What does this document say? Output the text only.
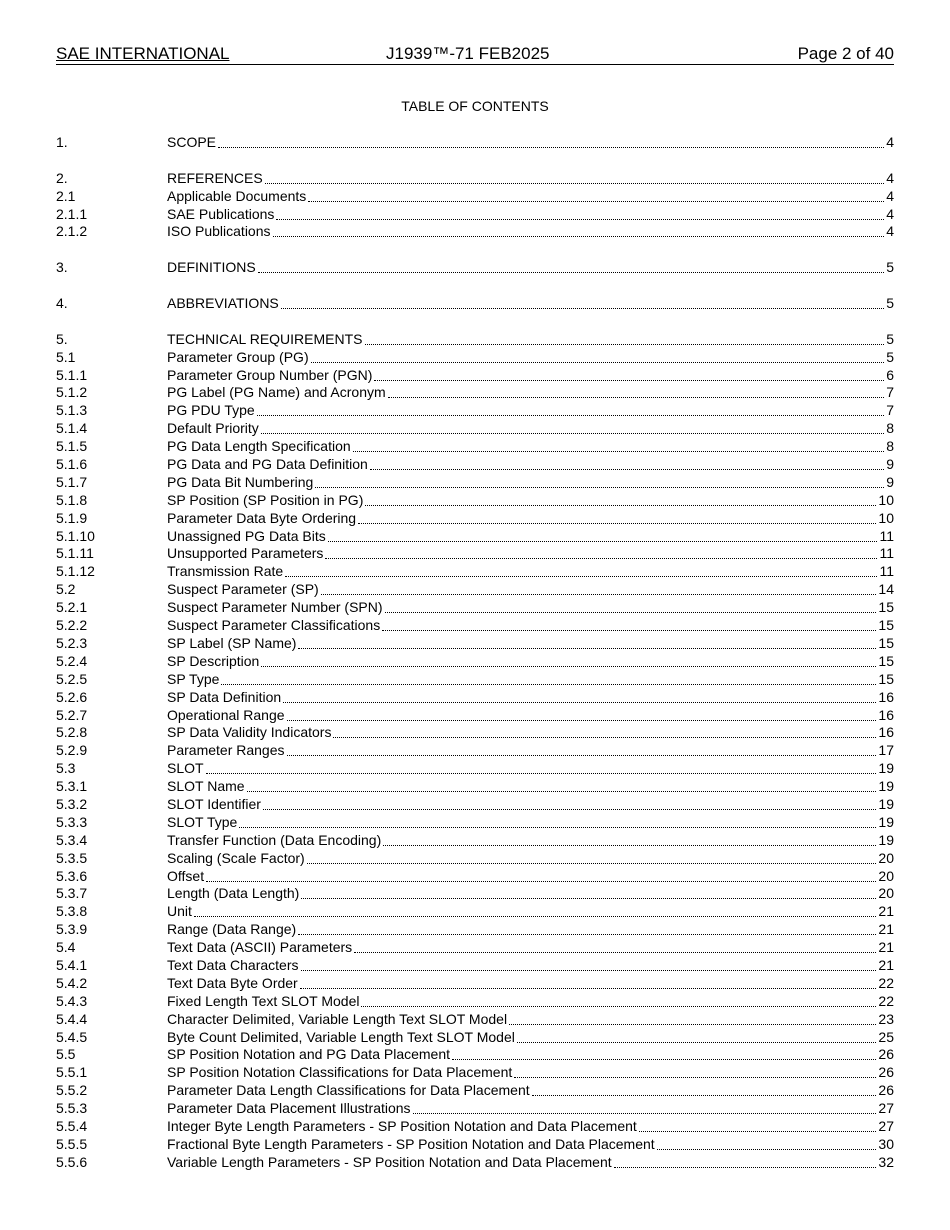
SAE INTERNATIONAL	J1939™-71 FEB2025	Page 2 of 40
TABLE OF CONTENTS
1.	SCOPE	4
2.	REFERENCES	4
2.1	Applicable Documents	4
2.1.1	SAE Publications	4
2.1.2	ISO Publications	4
3.	DEFINITIONS	5
4.	ABBREVIATIONS	5
5.	TECHNICAL REQUIREMENTS	5
5.1	Parameter Group (PG)	5
5.1.1	Parameter Group Number (PGN)	6
5.1.2	PG Label (PG Name) and Acronym	7
5.1.3	PG PDU Type	7
5.1.4	Default Priority	8
5.1.5	PG Data Length Specification	8
5.1.6	PG Data and PG Data Definition	9
5.1.7	PG Data Bit Numbering	9
5.1.8	SP Position (SP Position in PG)	10
5.1.9	Parameter Data Byte Ordering	10
5.1.10	Unassigned PG Data Bits	11
5.1.11	Unsupported Parameters	11
5.1.12	Transmission Rate	11
5.2	Suspect Parameter (SP)	14
5.2.1	Suspect Parameter Number (SPN)	15
5.2.2	Suspect Parameter Classifications	15
5.2.3	SP Label (SP Name)	15
5.2.4	SP Description	15
5.2.5	SP Type	15
5.2.6	SP Data Definition	16
5.2.7	Operational Range	16
5.2.8	SP Data Validity Indicators	16
5.2.9	Parameter Ranges	17
5.3	SLOT	19
5.3.1	SLOT Name	19
5.3.2	SLOT Identifier	19
5.3.3	SLOT Type	19
5.3.4	Transfer Function (Data Encoding)	19
5.3.5	Scaling (Scale Factor)	20
5.3.6	Offset	20
5.3.7	Length (Data Length)	20
5.3.8	Unit	21
5.3.9	Range (Data Range)	21
5.4	Text Data (ASCII) Parameters	21
5.4.1	Text Data Characters	21
5.4.2	Text Data Byte Order	22
5.4.3	Fixed Length Text SLOT Model	22
5.4.4	Character Delimited, Variable Length Text SLOT Model	23
5.4.5	Byte Count Delimited, Variable Length Text SLOT Model	25
5.5	SP Position Notation and PG Data Placement	26
5.5.1	SP Position Notation Classifications for Data Placement	26
5.5.2	Parameter Data Length Classifications for Data Placement	26
5.5.3	Parameter Data Placement Illustrations	27
5.5.4	Integer Byte Length Parameters - SP Position Notation and Data Placement	27
5.5.5	Fractional Byte Length Parameters - SP Position Notation and Data Placement	30
5.5.6	Variable Length Parameters - SP Position Notation and Data Placement	32
